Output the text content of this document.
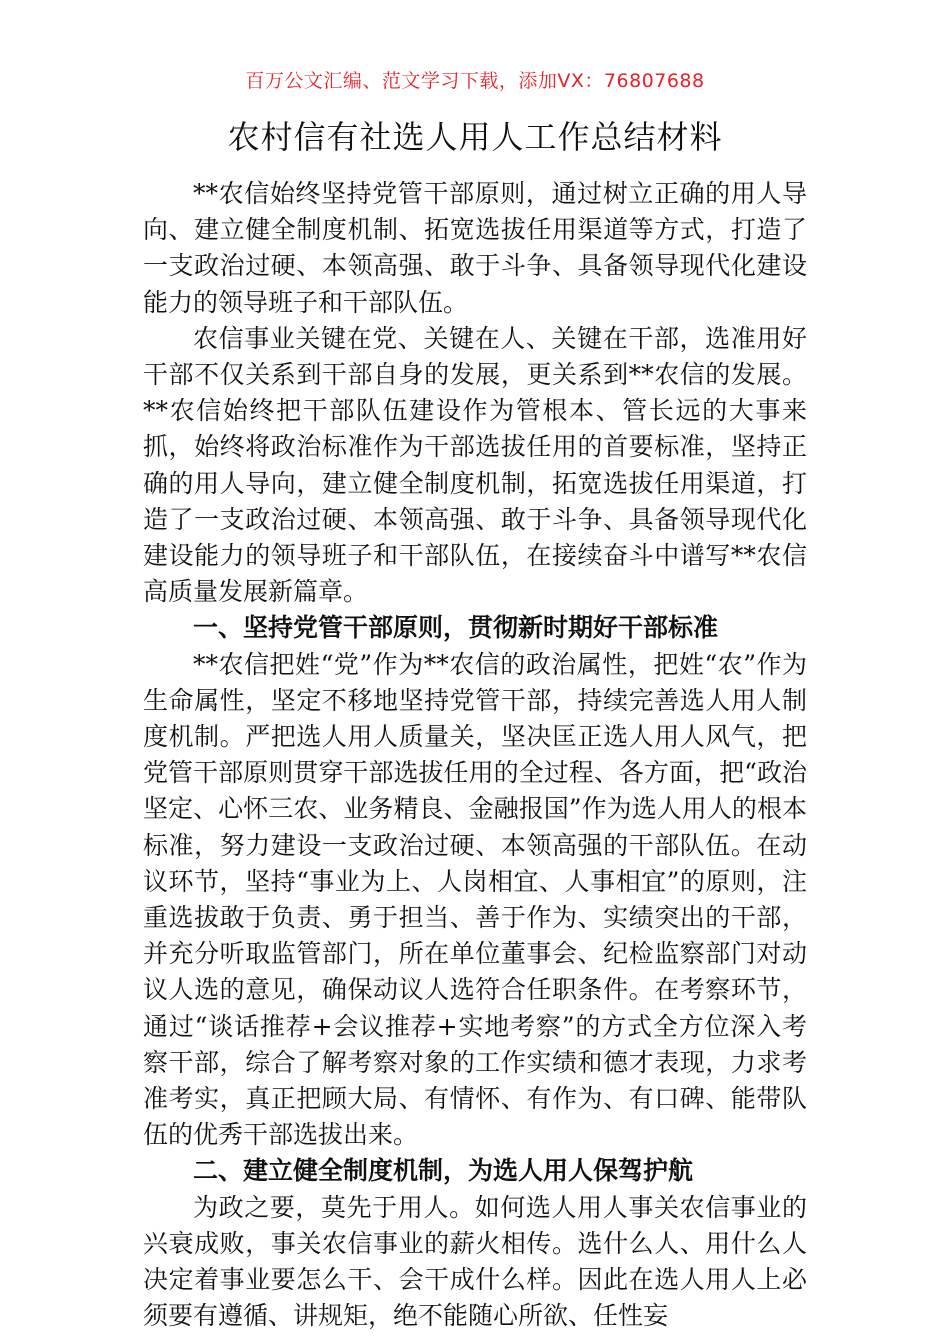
百万公文汇编、范文学习下载，添加VX：76807688
农村信有社选人用人工作总结材料

**农信始终坚持党管干部原则，通过树立正确的用人导向、建立健全制度机制、拓宽选拔任用渠道等方式，打造了一支政治过硬、本领高强、敢于斗争、具备领导现代化建设能力的领导班子和干部队伍。

农信事业关键在党、关键在人、关键在干部，选准用好干部不仅关系到干部自身的发展，更关系到**农信的发展。**农信始终把干部队伍建设作为管根本、管长远的大事来抓，始终将政治标准作为干部选拔任用的首要标准，坚持正确的用人导向，建立健全制度机制，拓宽选拔任用渠道，打造了一支政治过硬、本领高强、敢于斗争、具备领导现代化建设能力的领导班子和干部队伍，在接续奋斗中谱写**农信高质量发展新篇章。

一、坚持党管干部原则，贯彻新时期好干部标准

**农信把姓“党”作为**农信的政治属性，把姓“农”作为生命属性，坚定不移地坚持党管干部，持续完善选人用人制度机制。严把选人用人质量关，坚决匡正选人用人风气，把党管干部原则贯穿干部选拔任用的全过程、各方面，把“政治坚定、心怀三农、业务精良、金融报国”作为选人用人的根本标准，努力建设一支政治过硬、本领高强的干部队伍。在动议环节，坚持“事业为上、人岗相宜、人事相宜”的原则，注重选拔敢于负责、勇于担当、善于作为、实绩突出的干部，并充分听取监管部门，所在单位董事会、纪检监察部门对动议人选的意见，确保动议人选符合任职条件。在考察环节，通过“谈话推荐+会议推荐+实地考察”的方式全方位深入考察干部，综合了解考察对象的工作实绩和德才表现，力求考准考实，真正把顾大局、有情怀、有作为、有口碑、能带队伍的优秀干部选拔出来。

二、建立健全制度机制，为选人用人保驾护航

为政之要，莫先于用人。如何选人用人事关农信事业的兴衰成败，事关农信事业的薪火相传。选什么人、用什么人决定着事业要怎么干、会干成什么样。因此在选人用人上必须要有遵循、讲规矩，绝不能随心所欲、任性妄
